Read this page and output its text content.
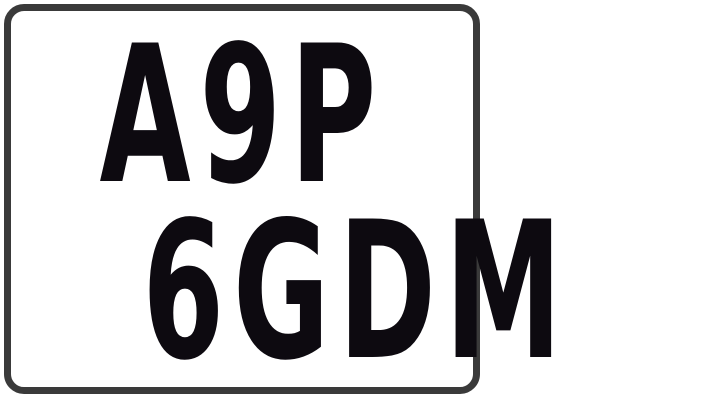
A9P
6GDM
